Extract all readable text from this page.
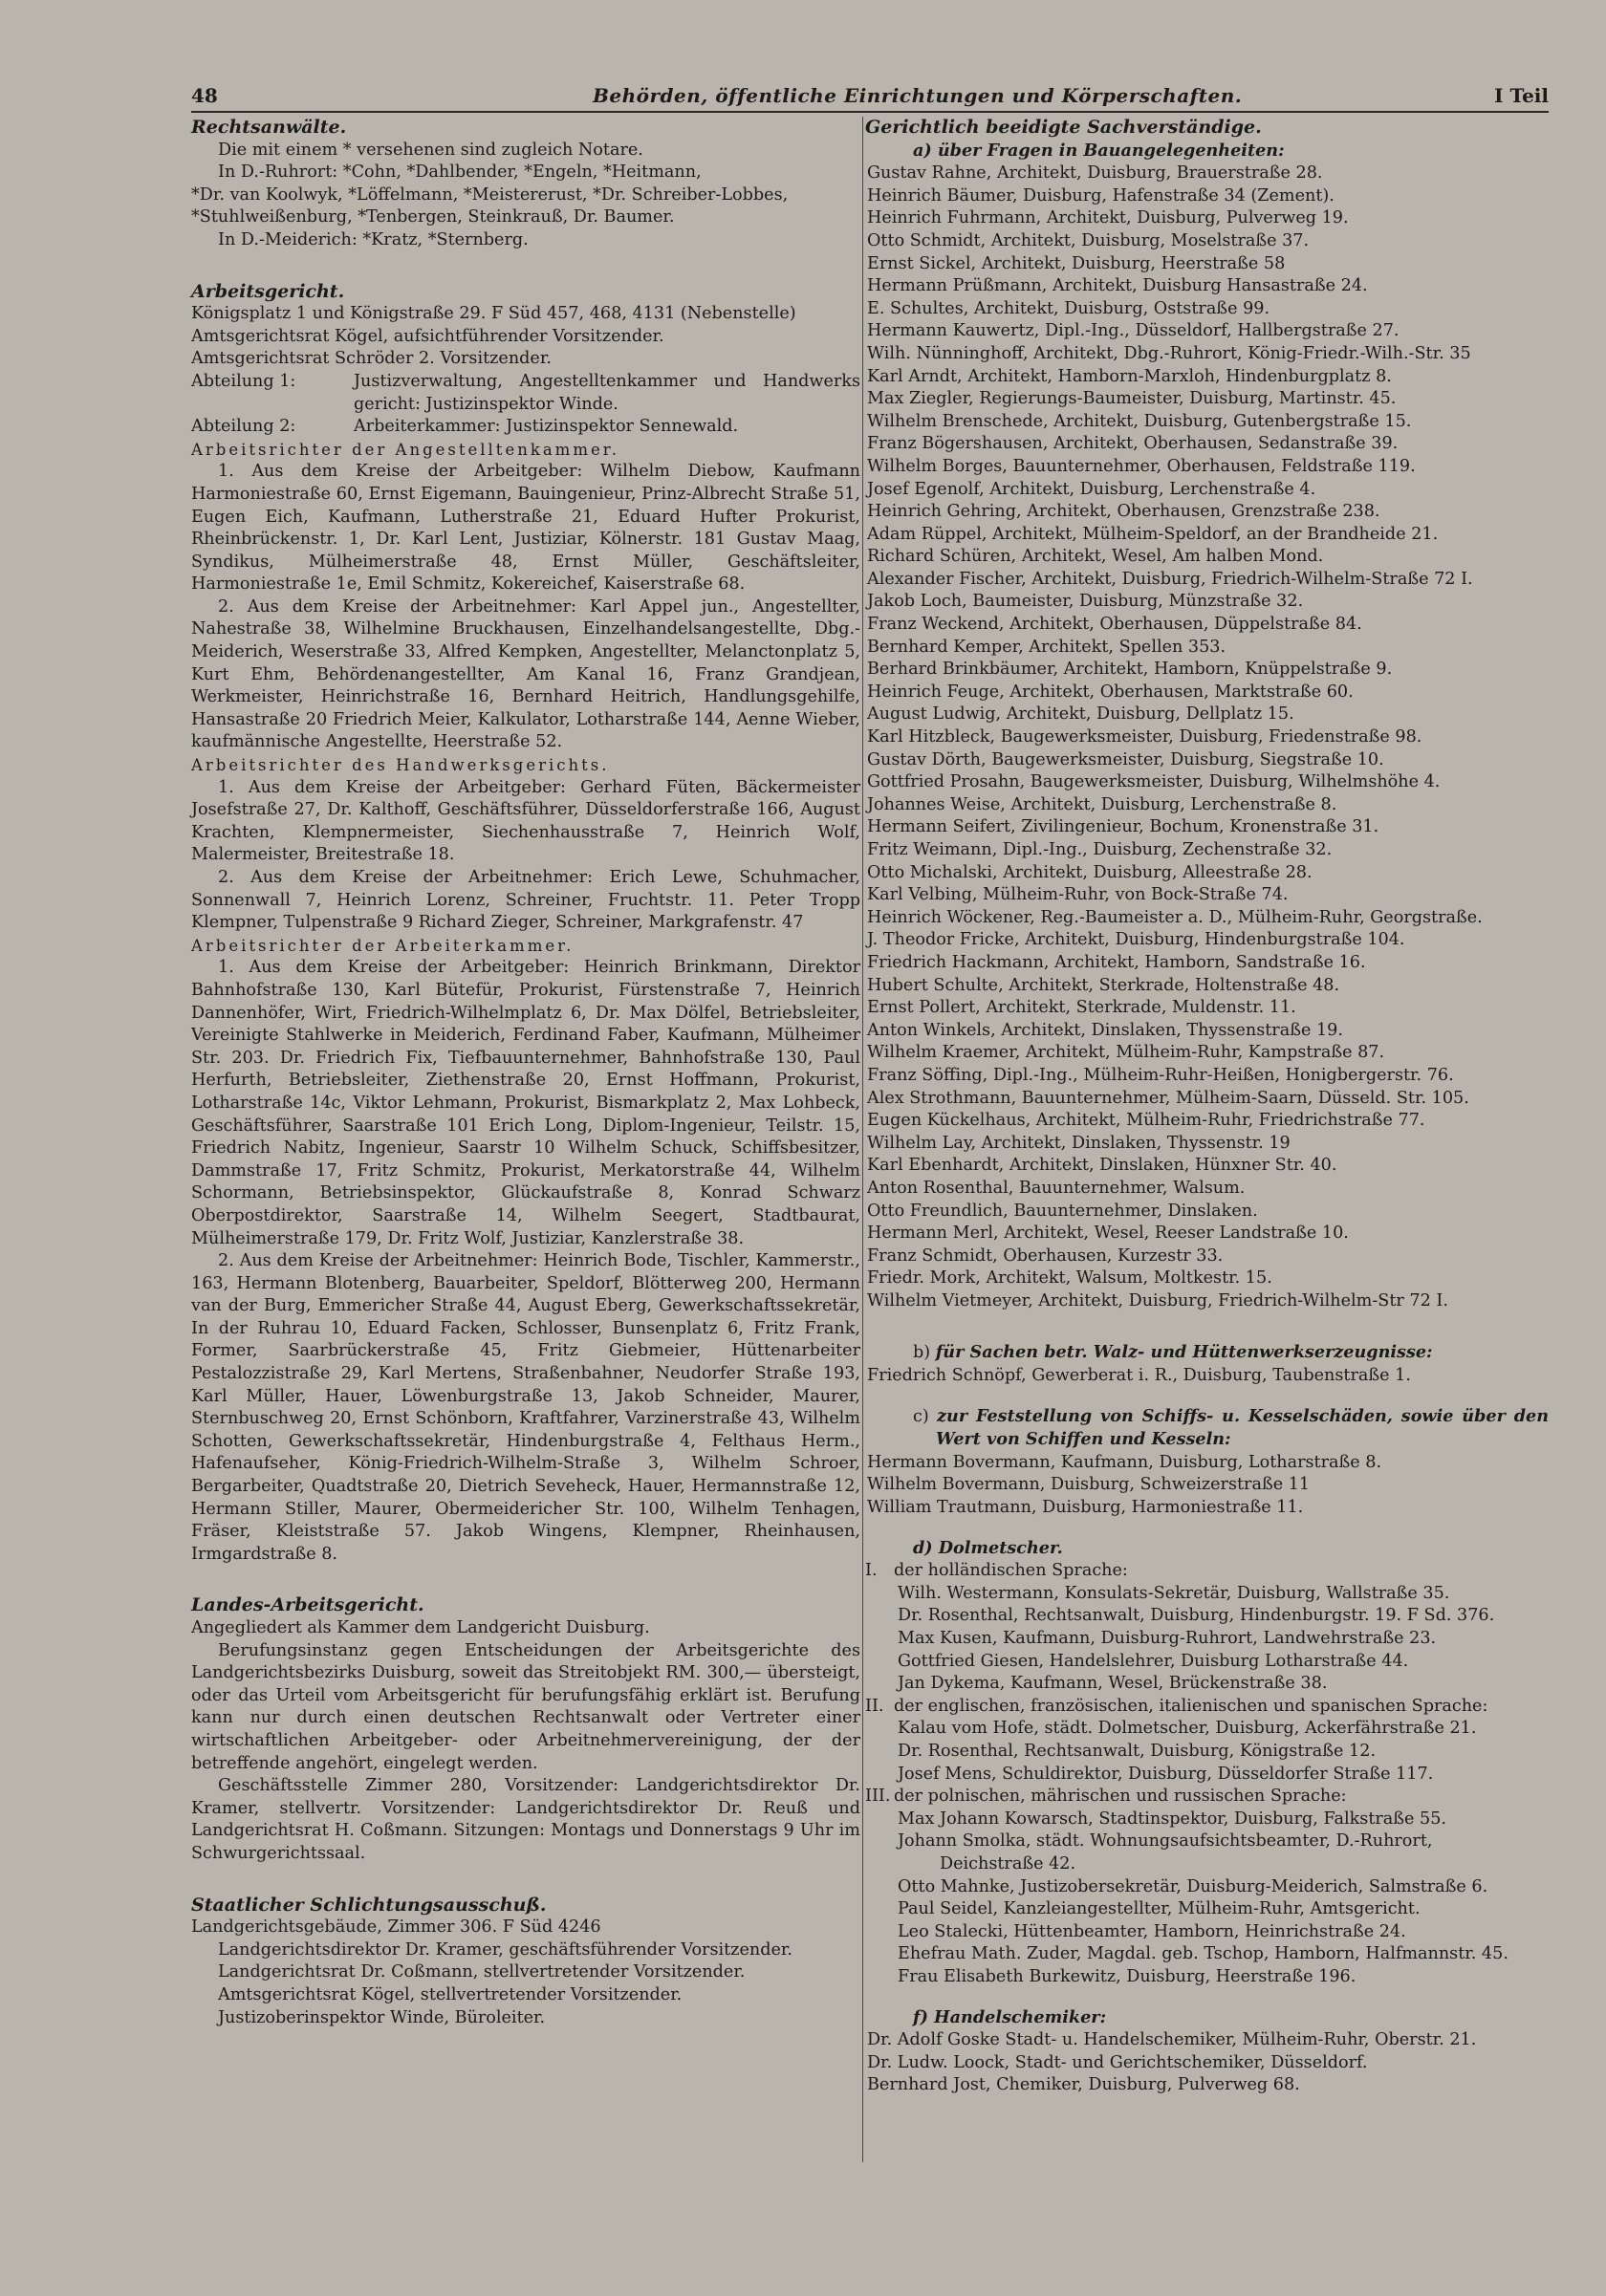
48	Behörden, öffentliche Einrichtungen und Körperschaften.	I Teil

Rechtsanwälte.

Die mit einem * versehenen sind zugleich Notare.

In D.-Ruhrort: *Cohn, *Dahlbender, *Engeln, *Heitmann,

*Dr. van Koolwyk, *Löffelmann, *Meistererust, *Dr. Schreiber-Lobbes,

*Stuhlweißenburg, *Tenbergen, Steinkrauß, Dr. Baumer.

In D.-Meiderich: *Kratz, *Sternberg.

Arbeitsgericht.

Königsplatz 1 und Königstraße 29. F Süd 457, 468, 4131 (Nebenstelle)

Amtsgerichtsrat Kögel, aufsichtführender Vorsitzender.

Amtsgerichtsrat Schröder 2. Vorsitzender.

Abteilung 1:	Justizverwaltung, Angestelltenkammer und Handwerks gericht: Justizinspektor Winde.
Abteilung 2:	Arbeiterkammer: Justizinspektor Sennewald.

Arbeitsrichter der Angestelltenkammer.

1. Aus dem Kreise der Arbeitgeber: Wilhelm Diebow, Kaufmann Harmoniestraße 60, Ernst Eigemann, Bauingenieur, Prinz-Albrecht Straße 51, Eugen Eich, Kaufmann, Lutherstraße 21, Eduard Hufter Prokurist, Rheinbrückenstr. 1, Dr. Karl Lent, Justiziar, Kölnerstr. 181 Gustav Maag, Syndikus, Mülheimerstraße 48, Ernst Müller, Geschäftsleiter, Harmoniestraße 1e, Emil Schmitz, Kokereichef, Kaiserstraße 68.

2. Aus dem Kreise der Arbeitnehmer: Karl Appel jun., Angestellter, Nahestraße 38, Wilhelmine Bruckhausen, Einzelhandelsangestellte, Dbg.-Meiderich, Weserstraße 33, Alfred Kempken, Angestellter, Melanctonplatz 5, Kurt Ehm, Behördenangestellter, Am Kanal 16, Franz Grandjean, Werkmeister, Heinrichstraße 16, Bernhard Heitrich, Handlungsgehilfe, Hansastraße 20 Friedrich Meier, Kalkulator, Lotharstraße 144, Aenne Wieber, kaufmännische Angestellte, Heerstraße 52.

Arbeitsrichter des Handwerksgerichts.

1. Aus dem Kreise der Arbeitgeber: Gerhard Füten, Bäckermeister Josefstraße 27, Dr. Kalthoff, Geschäftsführer, Düsseldorferstraße 166, August Krachten, Klempnermeister, Siechenhausstraße 7, Heinrich Wolf, Malermeister, Breitestraße 18.

2. Aus dem Kreise der Arbeitnehmer: Erich Lewe, Schuhmacher, Sonnenwall 7, Heinrich Lorenz, Schreiner, Fruchtstr. 11. Peter Tropp Klempner, Tulpenstraße 9 Richard Zieger, Schreiner, Markgrafenstr. 47

Arbeitsrichter der Arbeiterkammer.

1. Aus dem Kreise der Arbeitgeber: Heinrich Brinkmann, Direktor Bahnhofstraße 130, Karl Bütefür, Prokurist, Fürstenstraße 7, Heinrich Dannenhöfer, Wirt, Friedrich-Wilhelmplatz 6, Dr. Max Dölfel, Betriebsleiter, Vereinigte Stahlwerke in Meiderich, Ferdinand Faber, Kaufmann, Mülheimer Str. 203. Dr. Friedrich Fix, Tiefbauunternehmer, Bahnhofstraße 130, Paul Herfurth, Betriebsleiter, Ziethenstraße 20, Ernst Hoffmann, Prokurist, Lotharstraße 14c, Viktor Lehmann, Prokurist, Bismarkplatz 2, Max Lohbeck, Geschäftsführer, Saarstraße 101 Erich Long, Diplom-Ingenieur, Teilstr. 15, Friedrich Nabitz, Ingenieur, Saarstr 10 Wilhelm Schuck, Schiffsbesitzer, Dammstraße 17, Fritz Schmitz, Prokurist, Merkatorstraße 44, Wilhelm Schormann, Betriebsinspektor, Glückaufstraße 8, Konrad Schwarz Oberpostdirektor, Saarstraße 14, Wilhelm Seegert, Stadtbaurat, Mülheimerstraße 179, Dr. Fritz Wolf, Justiziar, Kanzlerstraße 38.

2. Aus dem Kreise der Arbeitnehmer: Heinrich Bode, Tischler, Kammerstr., 163, Hermann Blotenberg, Bauarbeiter, Speldorf, Blötterweg 200, Hermann van der Burg, Emmericher Straße 44, August Eberg, Gewerkschaftssekretär, In der Ruhrau 10, Eduard Facken, Schlosser, Bunsenplatz 6, Fritz Frank, Former, Saarbrückerstraße 45, Fritz Giebmeier, Hüttenarbeiter Pestalozzistraße 29, Karl Mertens, Straßenbahner, Neudorfer Straße 193, Karl Müller, Hauer, Löwenburgstraße 13, Jakob Schneider, Maurer, Sternbuschweg 20, Ernst Schönborn, Kraftfahrer, Varzinerstraße 43, Wilhelm Schotten, Gewerkschaftssekretär, Hindenburgstraße 4, Felthaus Herm., Hafenaufseher, König-Friedrich-Wilhelm-Straße 3, Wilhelm Schroer, Bergarbeiter, Quadtstraße 20, Dietrich Seveheck, Hauer, Hermannstraße 12, Hermann Stiller, Maurer, Obermeidericher Str. 100, Wilhelm Tenhagen, Fräser, Kleiststraße 57. Jakob Wingens, Klempner, Rheinhausen, Irmgardstraße 8.

Landes-Arbeitsgericht.

Angegliedert als Kammer dem Landgericht Duisburg.

Berufungsinstanz gegen Entscheidungen der Arbeitsgerichte des Landgerichtsbezirks Duisburg, soweit das Streitobjekt RM. 300,— übersteigt, oder das Urteil vom Arbeitsgericht für berufungsfähig erklärt ist. Berufung kann nur durch einen deutschen Rechtsanwalt oder Vertreter einer wirtschaftlichen Arbeitgeber- oder Arbeitnehmervereinigung, der der betreffende angehört, eingelegt werden.

Geschäftsstelle Zimmer 280, Vorsitzender: Landgerichtsdirektor Dr. Kramer, stellvertr. Vorsitzender: Landgerichtsdirektor Dr. Reuß und Landgerichtsrat H. Coßmann. Sitzungen: Montags und Donnerstags 9 Uhr im Schwurgerichtssaal.

Staatlicher Schlichtungsausschuß.

Landgerichtsgebäude, Zimmer 306. F Süd 4246

Landgerichtsdirektor Dr. Kramer, geschäftsführender Vorsitzender.

Landgerichtsrat Dr. Coßmann, stellvertretender Vorsitzender.

Amtsgerichtsrat Kögel, stellvertretender Vorsitzender.

Justizoberinspektor Winde, Büroleiter.

Gerichtlich beeidigte Sachverständige.

a) über Fragen in Bauangelegenheiten:

Gustav Rahne, Architekt, Duisburg, Brauerstraße 28.

Heinrich Bäumer, Duisburg, Hafenstraße 34 (Zement).

Heinrich Fuhrmann, Architekt, Duisburg, Pulverweg 19.

Otto Schmidt, Architekt, Duisburg, Moselstraße 37.

Ernst Sickel, Architekt, Duisburg, Heerstraße 58

Hermann Prüßmann, Architekt, Duisburg Hansastraße 24.

E. Schultes, Architekt, Duisburg, Oststraße 99.

Hermann Kauwertz, Dipl.-Ing., Düsseldorf, Hallbergstraße 27.

Wilh. Nünninghoff, Architekt, Dbg.-Ruhrort, König-Friedr.-Wilh.-Str. 35

Karl Arndt, Architekt, Hamborn-Marxloh, Hindenburgplatz 8.

Max Ziegler, Regierungs-Baumeister, Duisburg, Martinstr. 45.

Wilhelm Brenschede, Architekt, Duisburg, Gutenbergstraße 15.

Franz Bögershausen, Architekt, Oberhausen, Sedanstraße 39.

Wilhelm Borges, Bauunternehmer, Oberhausen, Feldstraße 119.

Josef Egenolf, Architekt, Duisburg, Lerchenstraße 4.

Heinrich Gehring, Architekt, Oberhausen, Grenzstraße 238.

Adam Rüppel, Architekt, Mülheim-Speldorf, an der Brandheide 21.

Richard Schüren, Architekt, Wesel, Am halben Mond.

Alexander Fischer, Architekt, Duisburg, Friedrich-Wilhelm-Straße 72 I.

Jakob Loch, Baumeister, Duisburg, Münzstraße 32.

Franz Weckend, Architekt, Oberhausen, Düppelstraße 84.

Bernhard Kemper, Architekt, Spellen 353.

Berhard Brinkbäumer, Architekt, Hamborn, Knüppelstraße 9.

Heinrich Feuge, Architekt, Oberhausen, Marktstraße 60.

August Ludwig, Architekt, Duisburg, Dellplatz 15.

Karl Hitzbleck, Baugewerksmeister, Duisburg, Friedenstraße 98.

Gustav Dörth, Baugewerksmeister, Duisburg, Siegstraße 10.

Gottfried Prosahn, Baugewerksmeister, Duisburg, Wilhelmshöhe 4.

Johannes Weise, Architekt, Duisburg, Lerchenstraße 8.

Hermann Seifert, Zivilingenieur, Bochum, Kronenstraße 31.

Fritz Weimann, Dipl.-Ing., Duisburg, Zechenstraße 32.

Otto Michalski, Architekt, Duisburg, Alleestraße 28.

Karl Velbing, Mülheim-Ruhr, von Bock-Straße 74.

Heinrich Wöckener, Reg.-Baumeister a. D., Mülheim-Ruhr, Georgstraße.

J. Theodor Fricke, Architekt, Duisburg, Hindenburgstraße 104.

Friedrich Hackmann, Architekt, Hamborn, Sandstraße 16.

Hubert Schulte, Architekt, Sterkrade, Holtenstraße 48.

Ernst Pollert, Architekt, Sterkrade, Muldenstr. 11.

Anton Winkels, Architekt, Dinslaken, Thyssenstraße 19.

Wilhelm Kraemer, Architekt, Mülheim-Ruhr, Kampstraße 87.

Franz Söffing, Dipl.-Ing., Mülheim-Ruhr-Heißen, Honigbergerstr. 76.

Alex Strothmann, Bauunternehmer, Mülheim-Saarn, Düsseld. Str. 105.

Eugen Kückelhaus, Architekt, Mülheim-Ruhr, Friedrichstraße 77.

Wilhelm Lay, Architekt, Dinslaken, Thyssenstr. 19

Karl Ebenhardt, Architekt, Dinslaken, Hünxner Str. 40.

Anton Rosenthal, Bauunternehmer, Walsum.

Otto Freundlich, Bauunternehmer, Dinslaken.

Hermann Merl, Architekt, Wesel, Reeser Landstraße 10.

Franz Schmidt, Oberhausen, Kurzestr 33.

Friedr. Mork, Architekt, Walsum, Moltkestr. 15.

Wilhelm Vietmeyer, Architekt, Duisburg, Friedrich-Wilhelm-Str 72 I.

b) für Sachen betr. Walz- und Hüttenwerkserzeugnisse:

Friedrich Schnöpf, Gewerberat i. R., Duisburg, Taubenstraße 1.

c) zur Feststellung von Schiffs- u. Kesselschäden, sowie über den Wert von Schiffen und Kesseln:

Hermann Bovermann, Kaufmann, Duisburg, Lotharstraße 8.

Wilhelm Bovermann, Duisburg, Schweizerstraße 11

William Trautmann, Duisburg, Harmoniestraße 11.

d) Dolmetscher.

I. der holländischen Sprache:

Wilh. Westermann, Konsulats-Sekretär, Duisburg, Wallstraße 35.

Dr. Rosenthal, Rechtsanwalt, Duisburg, Hindenburgstr. 19. F Sd. 376.

Max Kusen, Kaufmann, Duisburg-Ruhrort, Landwehrstraße 23.

Gottfried Giesen, Handelslehrer, Duisburg Lotharstraße 44.

Jan Dykema, Kaufmann, Wesel, Brückenstraße 38.

II. der englischen, französischen, italienischen und spanischen Sprache:

Kalau vom Hofe, städt. Dolmetscher, Duisburg, Ackerfährstraße 21.

Dr. Rosenthal, Rechtsanwalt, Duisburg, Königstraße 12.

Josef Mens, Schuldirektor, Duisburg, Düsseldorfer Straße 117.

III. der polnischen, mährischen und russischen Sprache:

Max Johann Kowarsch, Stadtinspektor, Duisburg, Falkstraße 55.

Johann Smolka, städt. Wohnungsaufsichtsbeamter, D.-Ruhrort,

Deichstraße 42.

Otto Mahnke, Justizobersekretär, Duisburg-Meiderich, Salmstraße 6.

Paul Seidel, Kanzleiangestellter, Mülheim-Ruhr, Amtsgericht.

Leo Stalecki, Hüttenbeamter, Hamborn, Heinrichstraße 24.

Ehefrau Math. Zuder, Magdal. geb. Tschop, Hamborn, Halfmannstr. 45.

Frau Elisabeth Burkewitz, Duisburg, Heerstraße 196.

f) Handelschemiker:

Dr. Adolf Goske Stadt- u. Handelschemiker, Mülheim-Ruhr, Oberstr. 21.

Dr. Ludw. Loock, Stadt- und Gerichtschemiker, Düsseldorf.

Bernhard Jost, Chemiker, Duisburg, Pulverweg 68.
